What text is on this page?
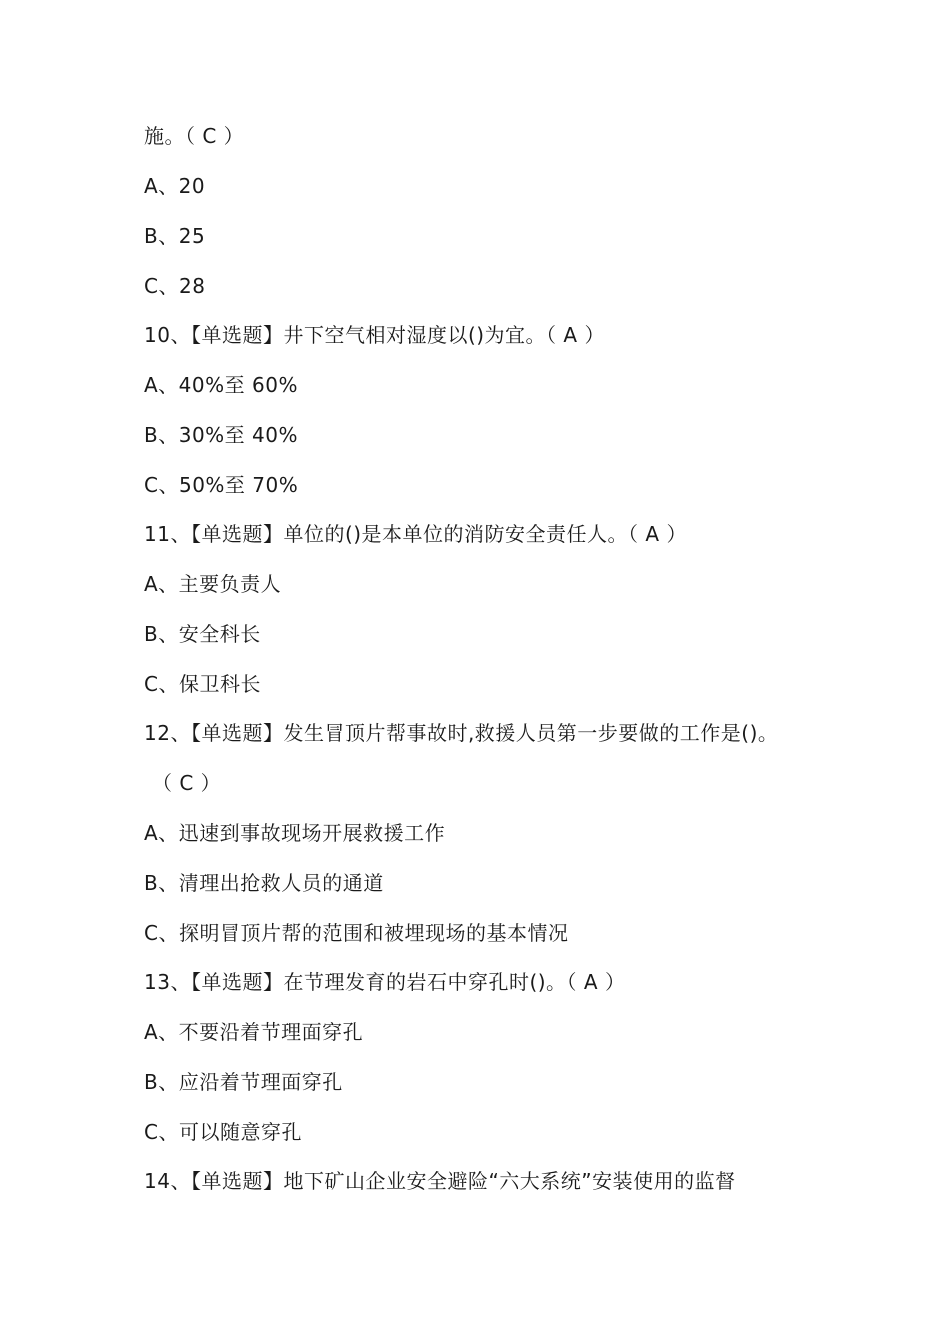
施。（ C ）
A、20
B、25
C、28
10、【单选题】井下空气相对湿度以()为宜。（ A ）
A、40%至 60%
B、30%至 40%
C、50%至 70%
11、【单选题】单位的()是本单位的消防安全责任人。（ A ）
A、主要负责人
B、安全科长
C、保卫科长
12、【单选题】发生冒顶片帮事故时,救援人员第一步要做的工作是()。
（ C ）
A、迅速到事故现场开展救援工作
B、清理出抢救人员的通道
C、探明冒顶片帮的范围和被埋现场的基本情况
13、【单选题】在节理发育的岩石中穿孔时()。（ A ）
A、不要沿着节理面穿孔
B、应沿着节理面穿孔
C、可以随意穿孔
14、【单选题】地下矿山企业安全避险“六大系统”安装使用的监督
